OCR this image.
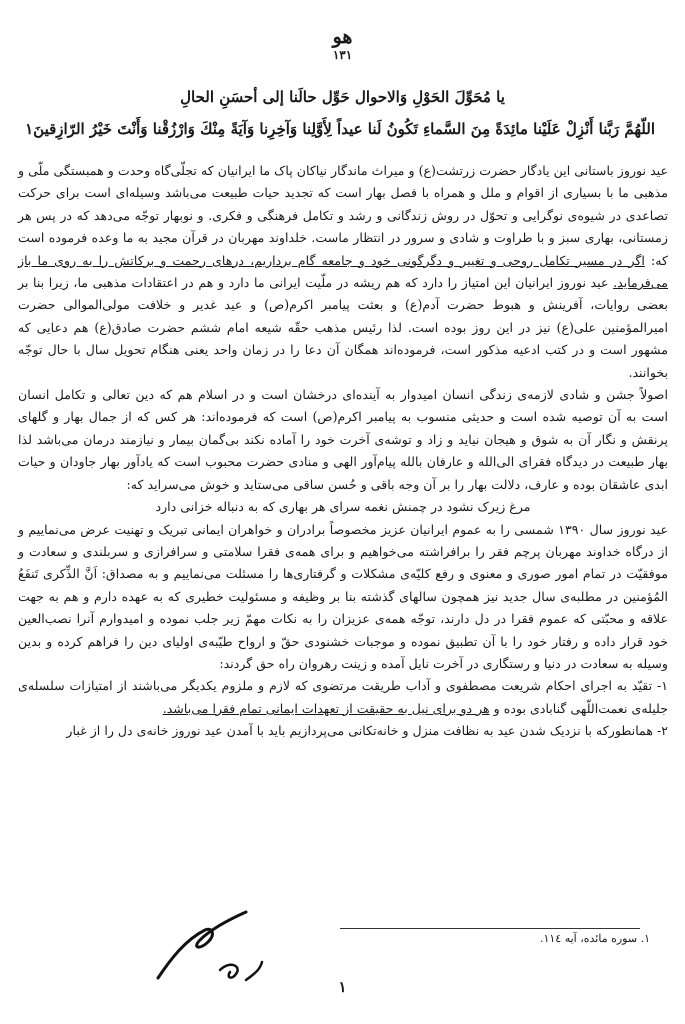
هو
١٣١
يا مُحَوِّلَ الحَوْلِ وَالاحوال حَوِّل حالَنا إلى أحسَنِ الحالِ
اللّهُمَّ رَبَّنا أَنْزِلْ عَلَيْنا مائِدَةً مِنَ السَّماءِ تَكُونُ لَنا عيداً لِأَوَّلِنا وَآخِرِنا وَآيَةً مِنْكَ وَارْزُقْنا وَأَنْتَ خَيْرُ الرّازِقينَ١

عید نوروز باستانی این یادگار حضرت زرتشت(ع) و میراث ماندگار نیاکان پاک ما ایرانیان که تجلّی‌گاه وحدت و همبستگی ملّی و مذهبی ما با بسیاری از اقوام و ملل و همراه با فصل بهار است که تجدید حیات طبیعت می‌باشد وسیله‌ای است برای حرکت تصاعدی در شیوه‌ی نوگرایی و تحوّل در روش زندگانی و رشد و تکامل فرهنگی و فکری. و نوبهار توجّه می‌دهد که در پس هر زمستانی، بهاری سبز و با طراوت و شادی و سرور در انتظار ماست. خلداوند مهربان در قرآن مجید به ما وعده فرموده است که: اگر در مسیر تکامل روحی و تغییر و دگرگونی خود و جامعه گام برداریم، درهای رحمت و برکاتش را به روی ما باز می‌فرماید. عید نوروز ایرانیان این امتیاز را دارد که هم ریشه در ملّیت ایرانی ما دارد و هم در اعتقادات مذهبی ما، زیرا بنا بر بعضی روایات، آفرینش و هبوط حضرت آدم(ع) و بعثت پیامبر اکرم(ص) و عید غدیر و خلافت مولی‌الموالی حضرت امیرالمؤمنین علی(ع) نیز در این روز بوده است. لذا رئیس مذهب حقّه شیعه امام ششم حضرت صادق(ع) هم دعایی که مشهور است و در کتب ادعیه مذکور است، فرموده‌اند همگان آن دعا را در زمان واحد یعنی هنگام تحویل سال با حال توجّه بخوانند.

اصولاً جشن و شادی لازمه‌ی زندگی انسان امیدوار به آینده‌ای درخشان است و در اسلام هم که دین تعالی و تکامل انسان است به آن توصیه شده است و حدیثی منسوب به پیامبر اکرم(ص) است که فرموده‌اند: هر کس که از جمال بهار و گلهای پرنقش و نگار آن به شوق و هیجان نیاید و زاد و توشه‌ی آخرت خود را آماده نکند بی‌گمان بیمار و نیازمند درمان می‌باشد لذا بهار طبیعت در دیدگاه فقرای الی‌الله و عارفان بالله پیام‌آور الهی و منادی حضرت محبوب است که یادآور بهار جاودان و حیات ابدی عاشقان بوده و عارف، دلالت بهار را بر آن وجه باقی و حُسن ساقی می‌ستاید و خوش می‌سراید که:

مرغ زیرک نشود در چمنش نغمه سرای هر بهاری که به دنباله خزانی دارد

عید نوروز سال ۱۳۹۰ شمسی را به عموم ایرانیان عزیز مخصوصاً برادران و خواهران ایمانی تبریک و تهنیت عرض می‌نماییم و از درگاه خداوند مهربان پرچم فقر را برافراشته می‌خواهیم و برای همه‌ی فقرا سلامتی و سرافرازی و سربلندی و سعادت و موفقیّت در تمام امور صوری و معنوی و رفع کلیّه‌ی مشکلات و گرفتاری‌ها را مسئلت می‌نماییم و به مصداق: اَنَّ الذِّکری تَنفَعُ المُؤمنین در مطلبه‌ی سال جدید نیز همچون سالهای گذشته بنا بر وظیفه و مسئولیت خطیری که به عهده دارم و هم به جهت علاقه و محبّتی که عموم فقرا در دل دارند، توجّه همه‌ی عزیزان را به نکات مهمّ زیر جلب نموده و امیدوارم آنرا نصب‌العین خود قرار داده و رفتار خود را با آن تطبیق نموده و موجبات خشنودی حقّ و ارواح طیّبه‌ی اولیای دین را فراهم کرده و بدین وسیله به سعادت در دنیا و رستگاری در آخرت نایل آمده و زینت رهروان راه حق گردند:

۱- تقیّد به اجرای احکام شریعت مصطفوی و آداب طریقت مرتضوی که لازم و ملزوم یکدیگر می‌باشند از امتیازات سلسله‌ی جلیله‌ی نعمت‌اللّهی گنابادی بوده و هر دو برای نیل به حقیقت از تعهدات ایمانی تمام فقرا می‌باشد.

۲- همانطورکه با نزدیک شدن عید به نظافت منزل و خانه‌تکانی می‌پردازیم باید با آمدن عید نوروز خانه‌ی دل را از غبار

١. سوره مائده، آیه ١١٤.
١
